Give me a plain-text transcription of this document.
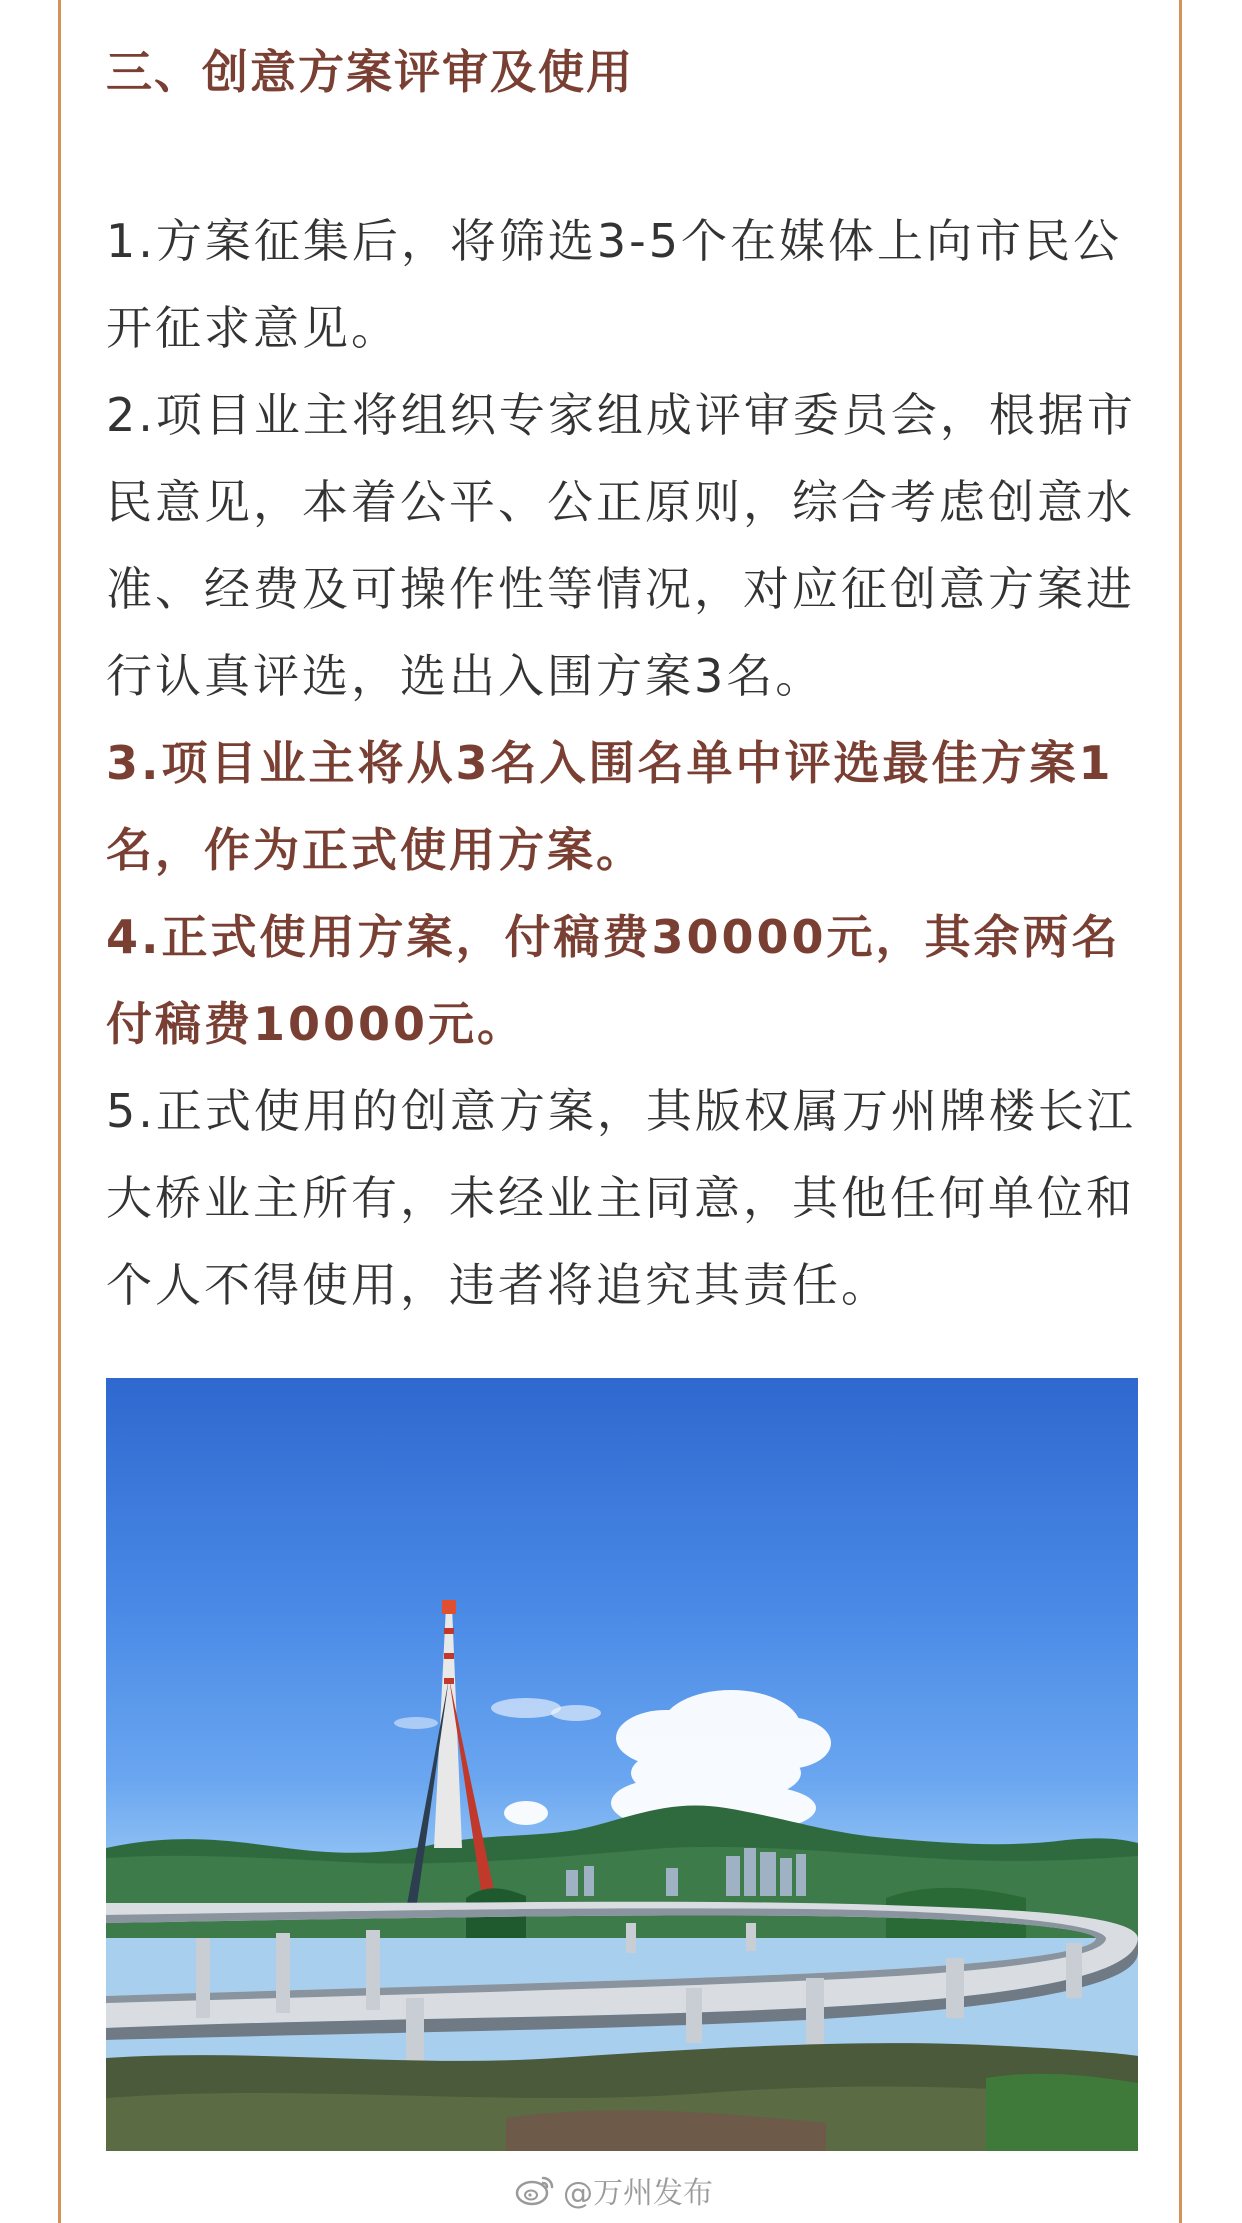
三、创意方案评审及使用

1.方案征集后，将筛选3-5个在媒体上向市民公开征求意见。

2.项目业主将组织专家组成评审委员会，根据市民意见，本着公平、公正原则，综合考虑创意水准、经费及可操作性等情况，对应征创意方案进行认真评选，选出入围方案3名。

3.项目业主将从3名入围名单中评选最佳方案1名，作为正式使用方案。

4.正式使用方案，付稿费30000元，其余两名付稿费10000元。

5.正式使用的创意方案，其版权属万州牌楼长江大桥业主所有，未经业主同意，其他任何单位和个人不得使用，违者将追究其责任。

@万州发布
